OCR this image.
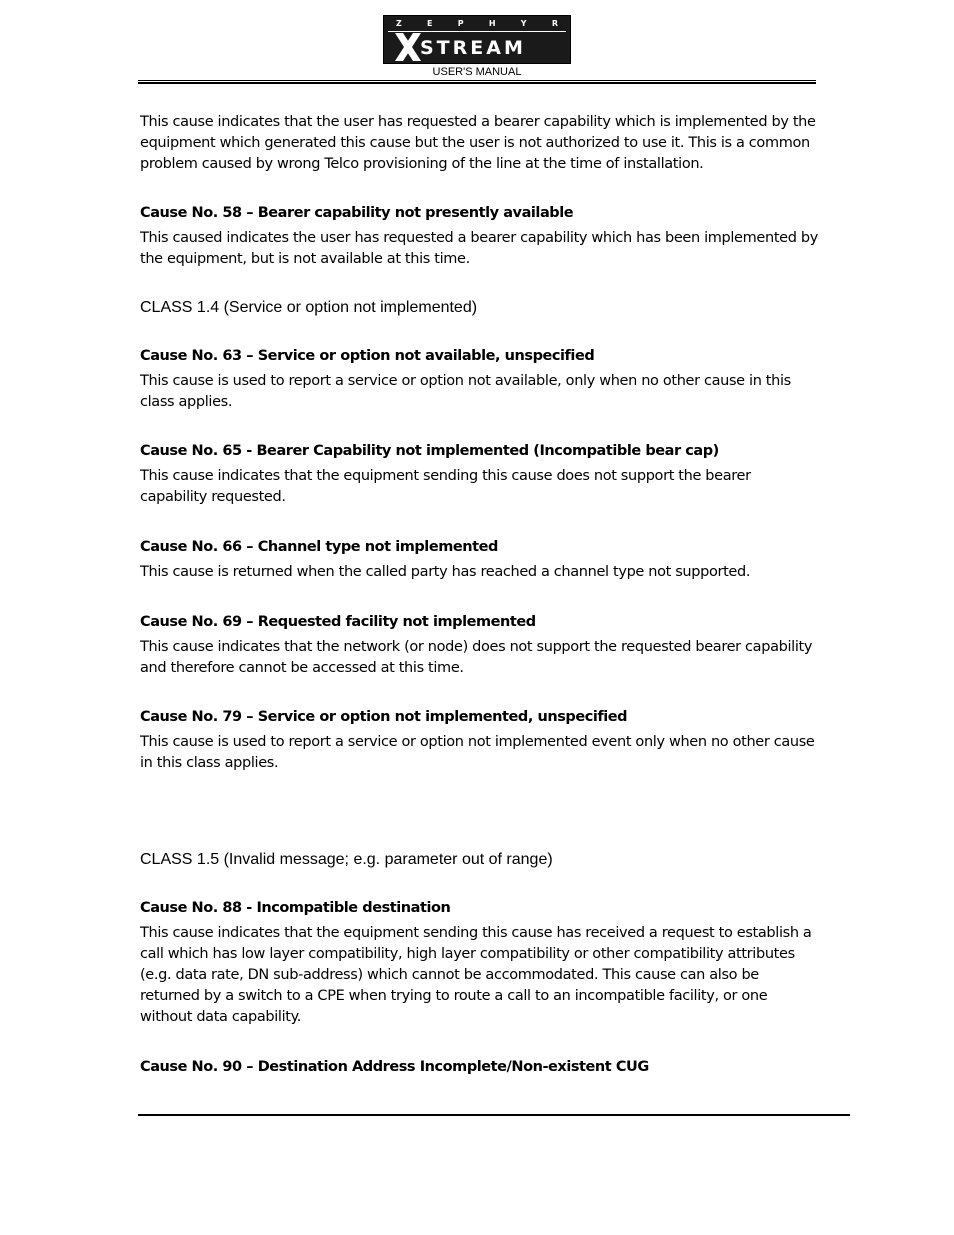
Z	E	P	H	Y	R
STREAM
USER'S MANUAL

This cause indicates that the user has requested a bearer capability which is implemented by the equipment which generated this cause but the user is not authorized to use it. This is a common problem caused by wrong Telco provisioning of the line at the time of installation.

Cause No. 58 – Bearer capability not presently available

This caused indicates the user has requested a bearer capability which has been implemented by the equipment, but is not available at this time.

CLASS 1.4 (Service or option not implemented)

Cause No. 63 – Service or option not available, unspecified

This cause is used to report a service or option not available, only when no other cause in this class applies.

Cause No. 65 - Bearer Capability not implemented (Incompatible bear cap)

This cause indicates that the equipment sending this cause does not support the bearer capability requested.

Cause No. 66 – Channel type not implemented

This cause is returned when the called party has reached a channel type not supported.

Cause No. 69 – Requested facility not implemented

This cause indicates that the network (or node) does not support the requested bearer capability and therefore cannot be accessed at this time.

Cause No. 79 – Service or option not implemented, unspecified

This cause is used to report a service or option not implemented event only when no other cause in this class applies.

CLASS 1.5 (Invalid message; e.g. parameter out of range)

Cause No. 88 - Incompatible destination

This cause indicates that the equipment sending this cause has received a request to establish a call which has low layer compatibility, high layer compatibility or other compatibility attributes (e.g. data rate, DN sub-address) which cannot be accommodated. This cause can also be returned by a switch to a CPE when trying to route a call to an incompatible facility, or one without data capability.

Cause No. 90 – Destination Address Incomplete/Non-existent CUG
